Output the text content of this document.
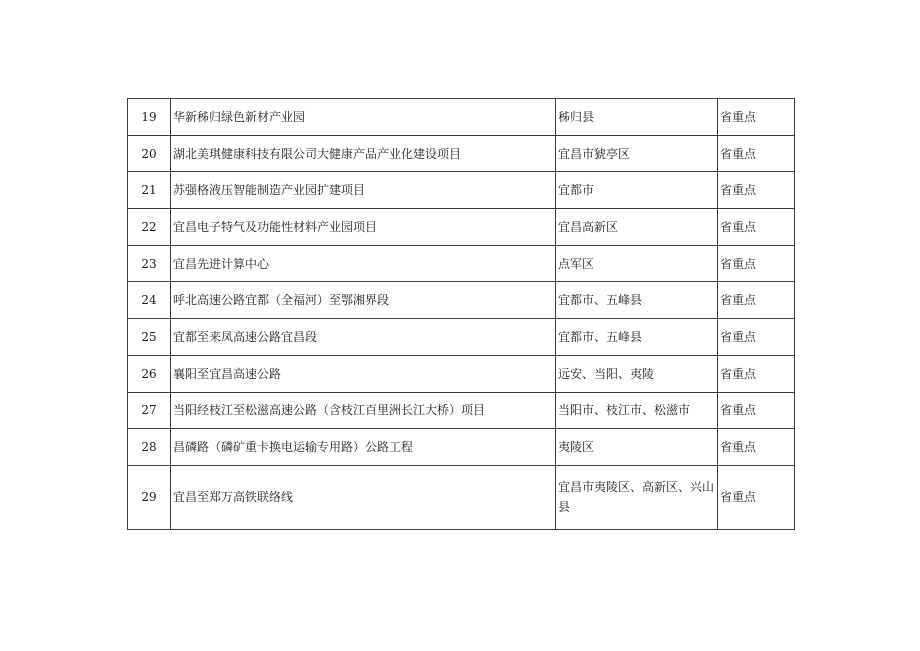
19	华新秭归绿色新材产业园	秭归县	省重点
20	湖北美琪健康科技有限公司大健康产品产业化建设项目	宜昌市猇亭区	省重点
21	苏强格液压智能制造产业园扩建项目	宜都市	省重点
22	宜昌电子特气及功能性材料产业园项目	宜昌高新区	省重点
23	宜昌先进计算中心	点军区	省重点
24	呼北高速公路宜都（全福河）至鄂湘界段	宜都市、五峰县	省重点
25	宜都至来凤高速公路宜昌段	宜都市、五峰县	省重点
26	襄阳至宜昌高速公路	远安、当阳、夷陵	省重点
27	当阳经枝江至松滋高速公路（含枝江百里洲长江大桥）项目	当阳市、枝江市、松滋市	省重点
28	昌磷路（磷矿重卡换电运输专用路）公路工程	夷陵区	省重点
29	宜昌至郑万高铁联络线	宜昌市夷陵区、高新区、兴山县	省重点
